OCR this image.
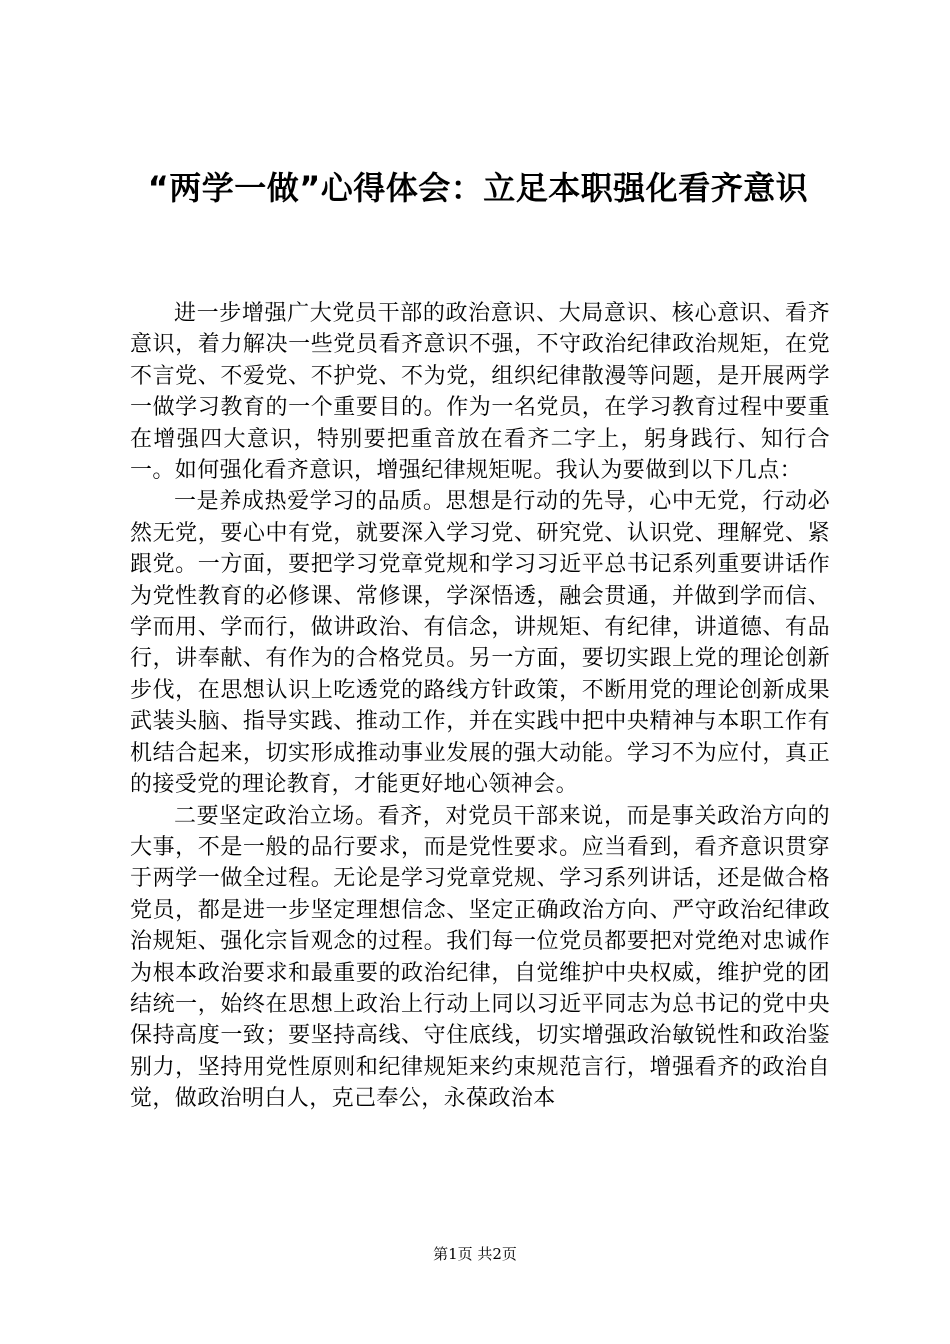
“两学一做”心得体会：立足本职强化看齐意识

进一步增强广大党员干部的政治意识、大局意识、核心意识、看齐意识，着力解决一些党员看齐意识不强，不守政治纪律政治规矩，在党不言党、不爱党、不护党、不为党，组织纪律散漫等问题，是开展两学一做学习教育的一个重要目的。作为一名党员，在学习教育过程中要重在增强四大意识，特别要把重音放在看齐二字上，躬身践行、知行合一。如何强化看齐意识，增强纪律规矩呢。我认为要做到以下几点：

一是养成热爱学习的品质。思想是行动的先导，心中无党，行动必然无党，要心中有党，就要深入学习党、研究党、认识党、理解党、紧跟党。一方面，要把学习党章党规和学习习近平总书记系列重要讲话作为党性教育的必修课、常修课，学深悟透，融会贯通，并做到学而信、学而用、学而行，做讲政治、有信念，讲规矩、有纪律，讲道德、有品行，讲奉献、有作为的合格党员。另一方面，要切实跟上党的理论创新步伐，在思想认识上吃透党的路线方针政策，不断用党的理论创新成果武装头脑、指导实践、推动工作，并在实践中把中央精神与本职工作有机结合起来，切实形成推动事业发展的强大动能。学习不为应付，真正的接受党的理论教育，才能更好地心领神会。

二要坚定政治立场。看齐，对党员干部来说，而是事关政治方向的大事，不是一般的品行要求，而是党性要求。应当看到，看齐意识贯穿于两学一做全过程。无论是学习党章党规、学习系列讲话，还是做合格党员，都是进一步坚定理想信念、坚定正确政治方向、严守政治纪律政治规矩、强化宗旨观念的过程。我们每一位党员都要把对党绝对忠诚作为根本政治要求和最重要的政治纪律，自觉维护中央权威，维护党的团结统一，始终在思想上政治上行动上同以习近平同志为总书记的党中央保持高度一致；要坚持高线、守住底线，切实增强政治敏锐性和政治鉴别力，坚持用党性原则和纪律规矩来约束规范言行，增强看齐的政治自觉，做政治明白人，克己奉公，永葆政治本

第1页 共2页
